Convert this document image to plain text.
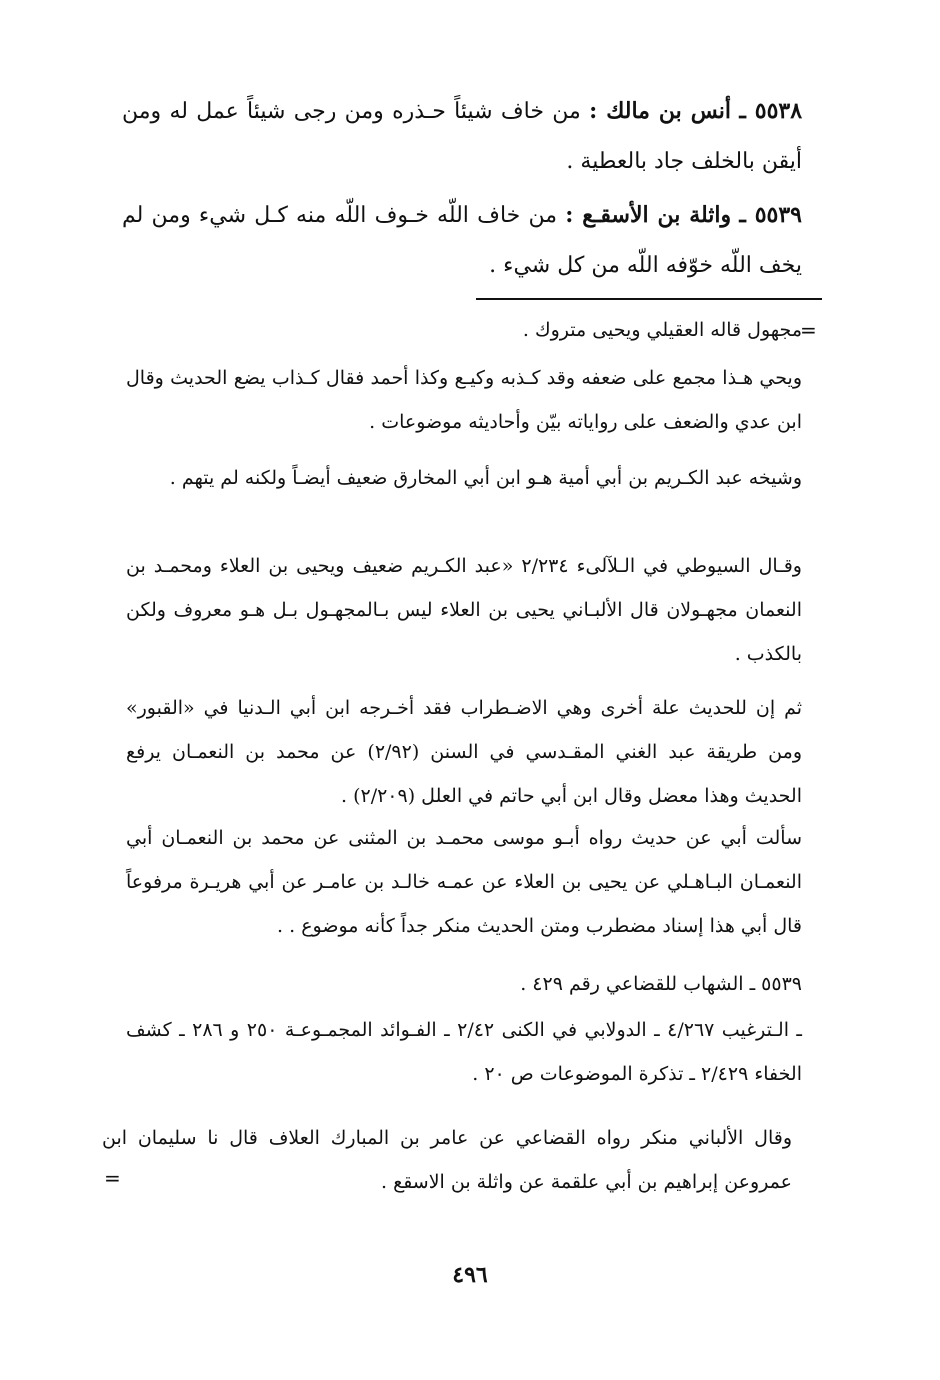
٥٥٣٨ ـ أنس بن مالك : من خاف شيئاً حـذره ومن رجى شيئاً عمل له ومن أيقن بالخلف جاد بالعطية .
٥٥٣٩ ـ واثلة بن الأسقـع : من خاف اللّه خـوف اللّه منه كـل شيء ومن لم يخف اللّه خوّفه اللّه من كل شيء .
=
مجهول قاله العقيلي ويحيى متروك .
ويحي هـذا مجمع على ضعفه وقد كـذبه وكيـع وكذا أحمد فقال كـذاب يضع الحديث وقال ابن عدي والضعف على رواياته بيّن وأحاديثه موضوعات .
وشيخه عبد الكـريم بن أبي أمية هـو ابن أبي المخارق ضعيف أيضـاً ولكنه لم يتهم .
وقـال السيوطي في الـلآلىء ٢/٢٣٤ «عبد الكـريم ضعيف ويحيى بن العلاء ومحمـد بن النعمان مجهـولان قال الألبـاني يحيى بن العلاء ليس بـالمجهـول بـل هـو معروف ولكن بالكذب .
ثم إن للحديث علة أخرى وهي الاضـطراب فقد أخـرجه ابن أبي الـدنيا في «القبور» ومن طريقة عبد الغني المقـدسي في السنن (٢/٩٢) عن محمد بن النعمـان يرفع الحديث وهذا معضل وقال ابن أبي حاتم في العلل (٢/٢٠٩) .
سألت أبي عن حديث رواه أبـو موسى محمـد بن المثنى عن محمد بن النعمـان أبي النعمـان البـاهـلي عن يحيى بن العلاء عن عمـه خالـد بن عامـر عن أبي هريـرة مرفوعاً قال أبي هذا إسناد مضطرب ومتن الحديث منكر جداً كأنه موضوع . .
٥٥٣٩ ـ الشهاب للقضاعي رقم ٤٢٩ .
ـ الـترغيب ٤/٢٦٧ ـ الدولابي في الكنى ٢/٤٢ ـ الفـوائد المجمـوعـة ٢٥٠ و ٢٨٦ ـ كشف الخفاء ٢/٤٢٩ ـ تذكرة الموضوعات ص ٢٠ .
وقال الألباني منكر رواه القضاعي عن عامر بن المبارك العلاف قال نا سليمان ابن عمروعن إبراهيم بن أبي علقمة عن واثلة بن الاسقع .
=
٤٩٦
